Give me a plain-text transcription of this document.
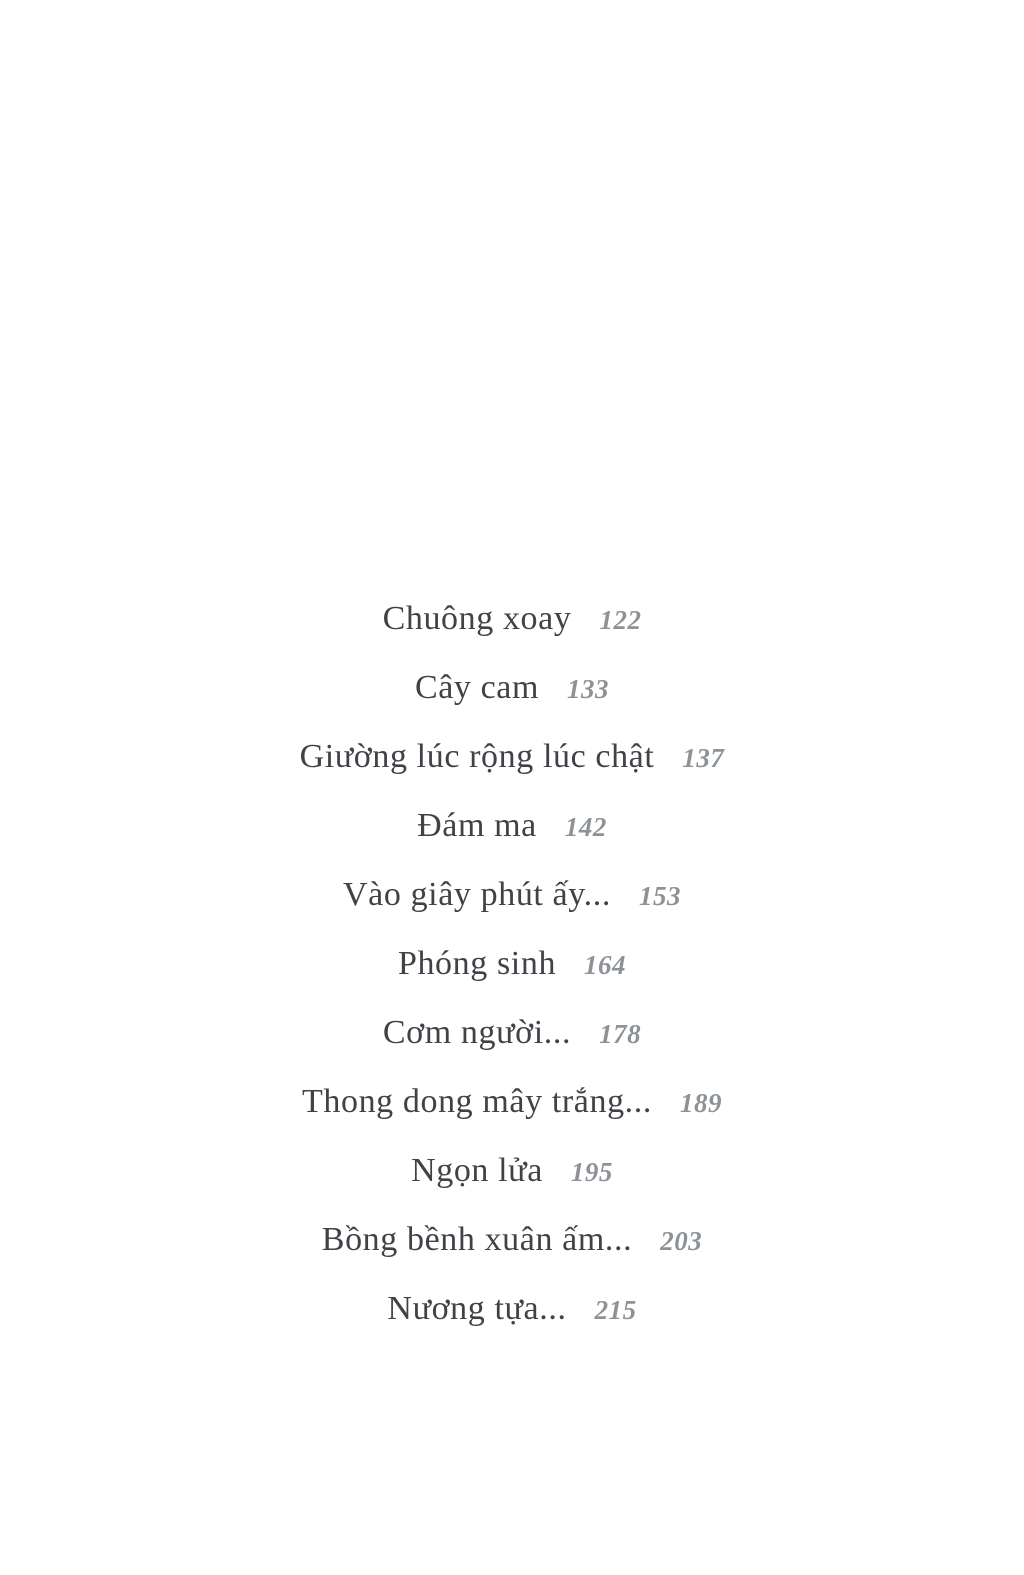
Chuông xoay 122
Cây cam 133
Giường lúc rộng lúc chật 137
Đám ma 142
Vào giây phút ấy... 153
Phóng sinh 164
Cơm người... 178
Thong dong mây trắng... 189
Ngọn lửa 195
Bồng bềnh xuân ấm... 203
Nương tựa... 215
